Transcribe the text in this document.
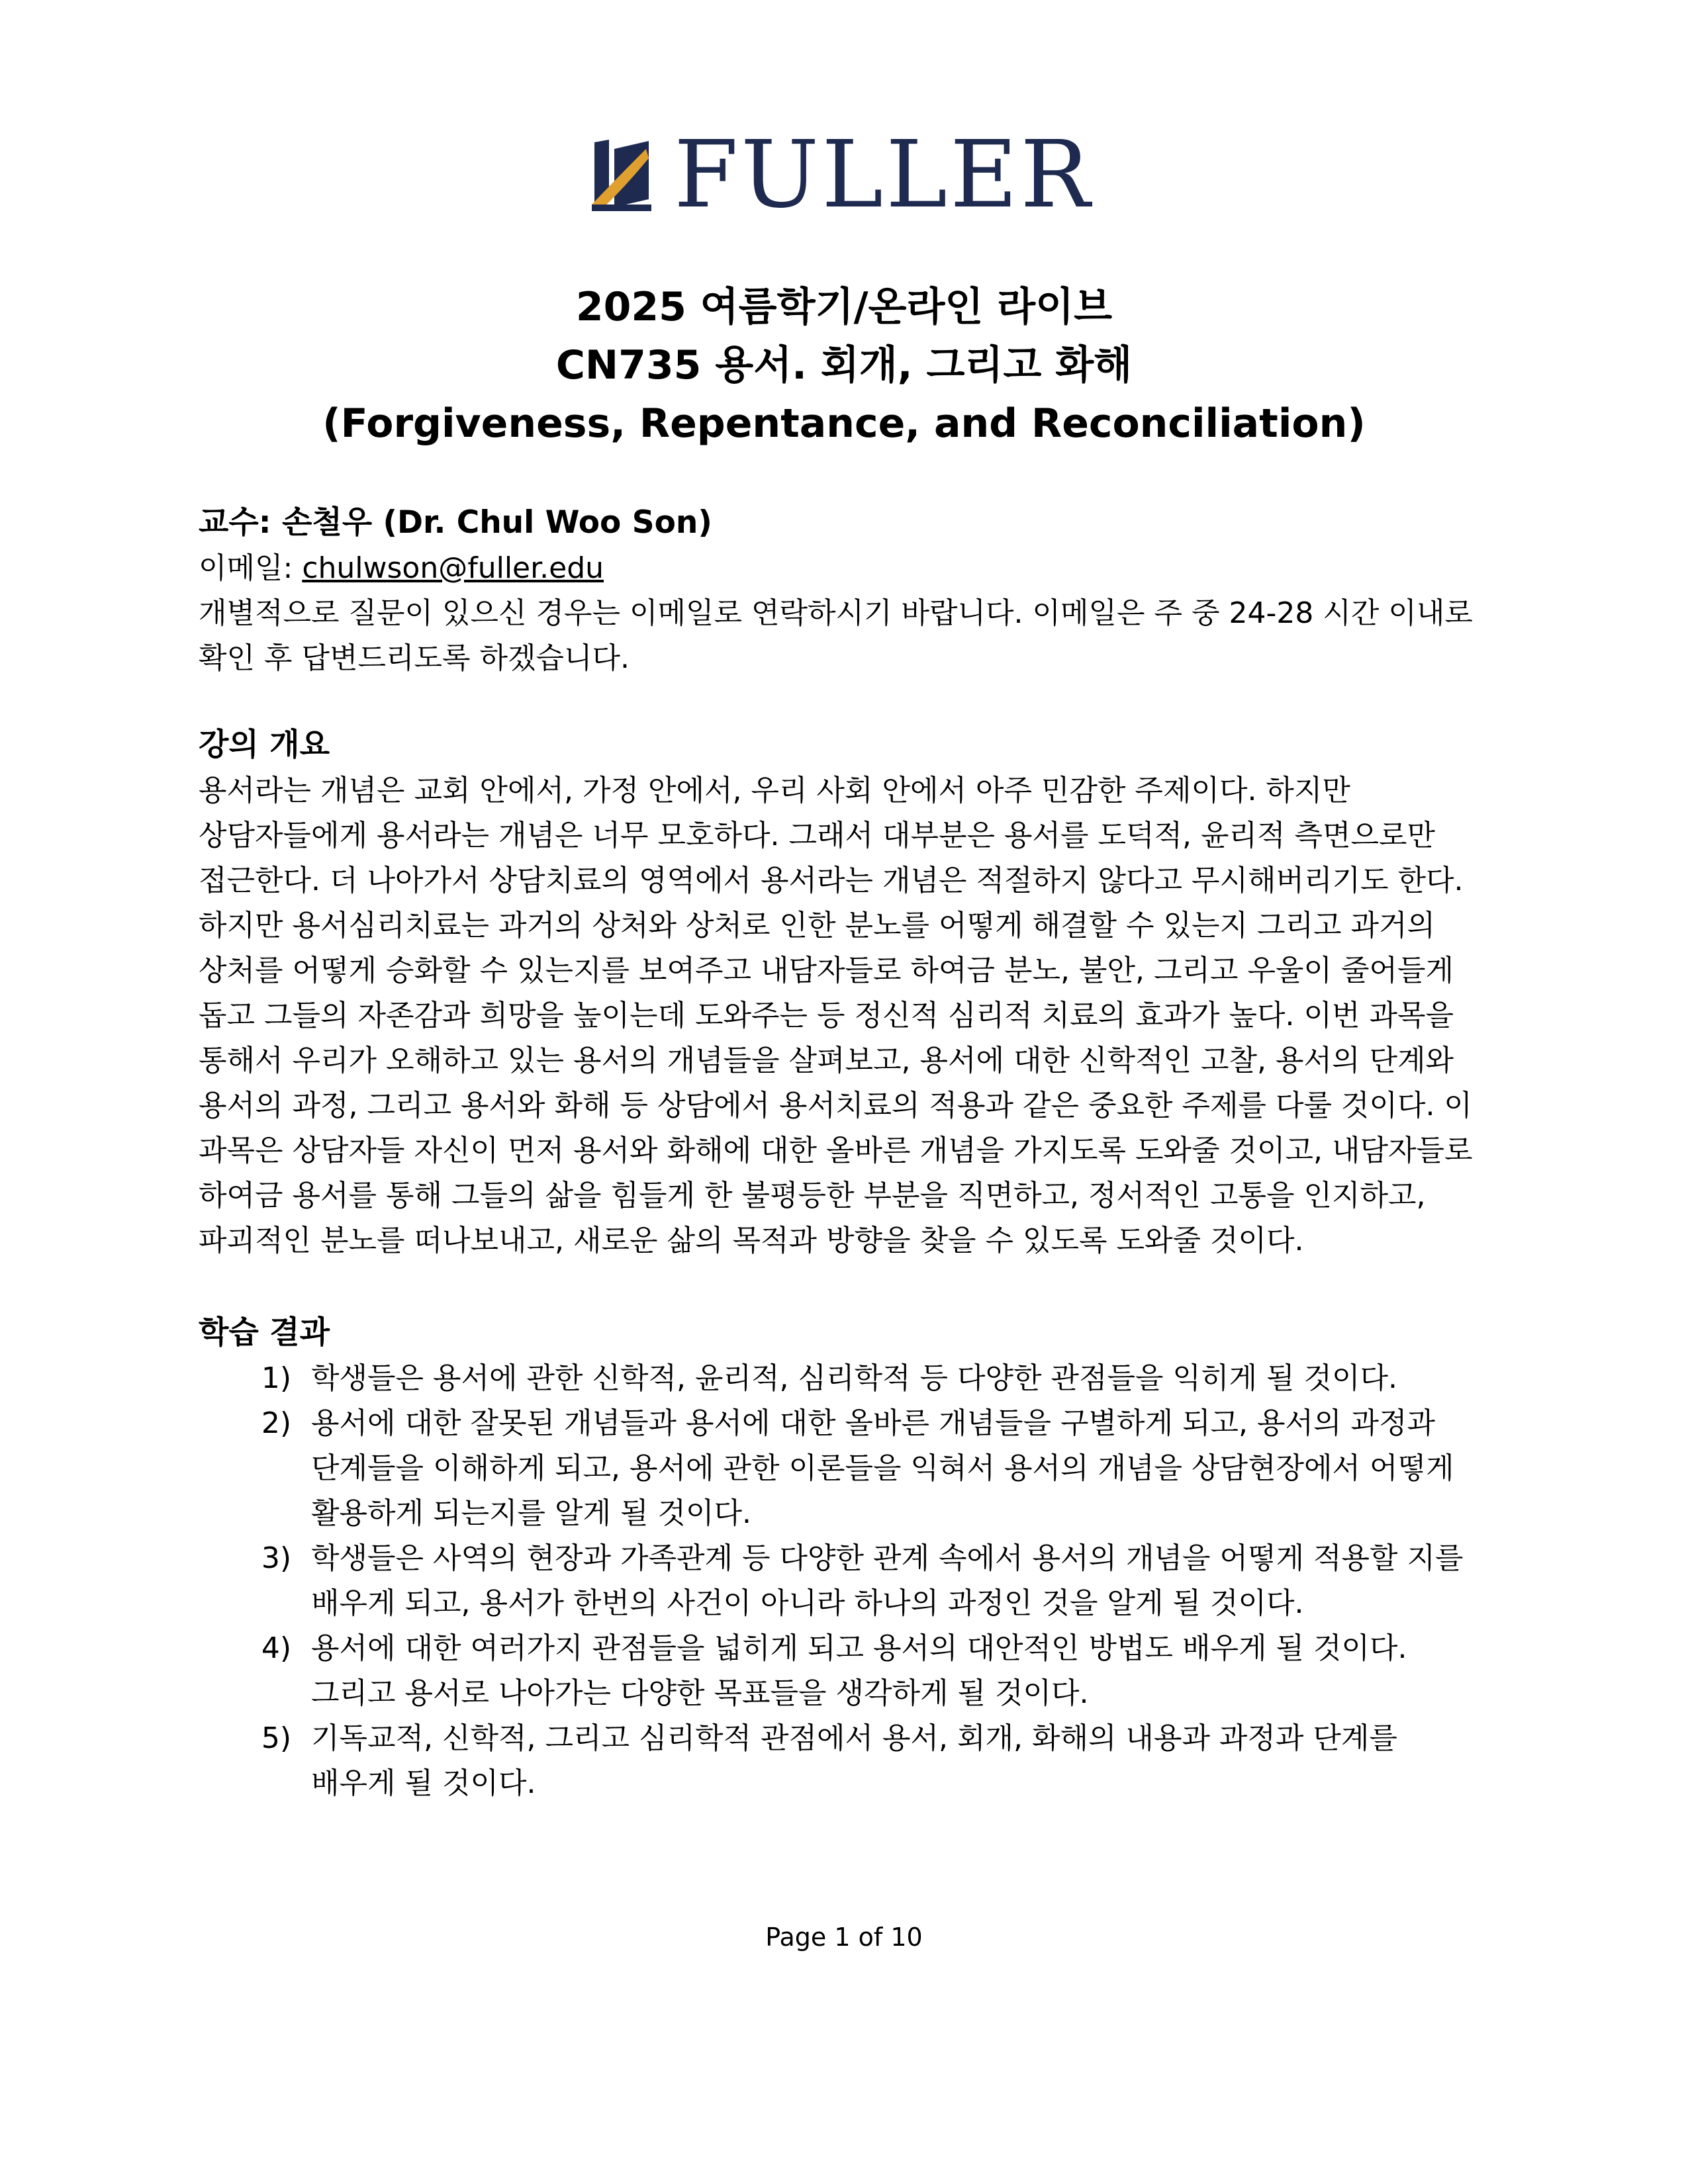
FULLER
2025 여름학기/온라인 라이브
CN735 용서. 회개, 그리고 화해
(Forgiveness, Repentance, and Reconciliation)
교수: 손철우 (Dr. Chul Woo Son)
이메일: chulwson@fuller.edu
개별적으로 질문이 있으신 경우는 이메일로 연락하시기 바랍니다. 이메일은 주 중 24-28 시간 이내로
확인 후 답변드리도록 하겠습니다.
강의 개요
용서라는 개념은 교회 안에서, 가정 안에서, 우리 사회 안에서 아주 민감한 주제이다. 하지만
상담자들에게 용서라는 개념은 너무 모호하다. 그래서 대부분은 용서를 도덕적, 윤리적 측면으로만
접근한다. 더 나아가서 상담치료의 영역에서 용서라는 개념은 적절하지 않다고 무시해버리기도 한다.
하지만 용서심리치료는 과거의 상처와 상처로 인한 분노를 어떻게 해결할 수 있는지 그리고 과거의
상처를 어떻게 승화할 수 있는지를 보여주고 내담자들로 하여금 분노, 불안, 그리고 우울이 줄어들게
돕고 그들의 자존감과 희망을 높이는데 도와주는 등 정신적 심리적 치료의 효과가 높다. 이번 과목을
통해서 우리가 오해하고 있는 용서의 개념들을 살펴보고, 용서에 대한 신학적인 고찰, 용서의 단계와
용서의 과정, 그리고 용서와 화해 등 상담에서 용서치료의 적용과 같은 중요한 주제를 다룰 것이다. 이
과목은 상담자들 자신이 먼저 용서와 화해에 대한 올바른 개념을 가지도록 도와줄 것이고, 내담자들로
하여금 용서를 통해 그들의 삶을 힘들게 한 불평등한 부분을 직면하고, 정서적인 고통을 인지하고,
파괴적인 분노를 떠나보내고, 새로운 삶의 목적과 방향을 찾을 수 있도록 도와줄 것이다.
학습 결과
1) 학생들은 용서에 관한 신학적, 윤리적, 심리학적 등 다양한 관점들을 익히게 될 것이다.
2) 용서에 대한 잘못된 개념들과 용서에 대한 올바른 개념들을 구별하게 되고, 용서의 과정과
단계들을 이해하게 되고, 용서에 관한 이론들을 익혀서 용서의 개념을 상담현장에서 어떻게
활용하게 되는지를 알게 될 것이다.
3) 학생들은 사역의 현장과 가족관계 등 다양한 관계 속에서 용서의 개념을 어떻게 적용할 지를
배우게 되고, 용서가 한번의 사건이 아니라 하나의 과정인 것을 알게 될 것이다.
4) 용서에 대한 여러가지 관점들을 넓히게 되고 용서의 대안적인 방법도 배우게 될 것이다.
그리고 용서로 나아가는 다양한 목표들을 생각하게 될 것이다.
5) 기독교적, 신학적, 그리고 심리학적 관점에서 용서, 회개, 화해의 내용과 과정과 단계를
배우게 될 것이다.
Page 1 of 10
